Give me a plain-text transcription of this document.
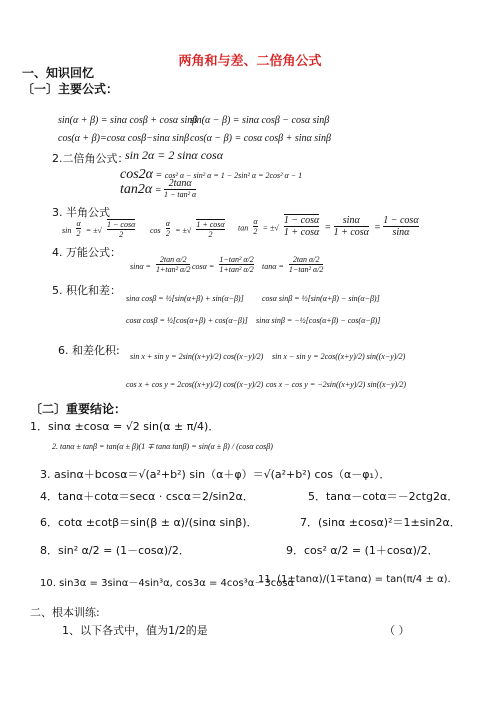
两角和与差、二倍角公式
一、知识回忆
〔一〕主要公式：
sin(α + β) = sinα cosβ + cosα sinβ
sin(α − β) = sinα cosβ − cosα sinβ
cos(α + β)=cosα cosβ−sinα sinβ cos(α − β) = cosα cosβ + sinα sinβ
2.二倍角公式：
sin 2α = 2 sinα cosα
cos2α = cos² α − sin² α = 1 − 2sin² α = 2cos² α − 1
tan2α =
2tanα
1 − tan² α
3. 半角公式
$\sin \frac{\alpha}{2}$ = ±√ $\frac{1 - \cos\alpha}{2}$ $\cos \frac{\alpha}{2}$ = ±√ $\frac{1 + \cos\alpha}{2}$ $\tan \frac{\alpha}{2}$ = ±√ $\frac{1 - \cos\alpha}{1 + \cos\alpha} = \frac{\sin\alpha}{1 + \cos\alpha} = \frac{1 - \cos\alpha}{\sin\alpha}$
4. 万能公式：
$\sin\alpha = \frac{\text{2tan α/2}}{\text{1+tan² α/2}}$ $\cos\alpha = \frac{\text{1−tan² α/2}}{\text{1+tan² α/2}}$ $\tan\alpha = \frac{\text{2tan α/2}}{\text{1−tan² α/2}}$
5. 积化和差：
sinα cosβ = ½[sin(α+β) + sin(α−β)] cosα sinβ = ½[sin(α+β) − sin(α−β)]
cosα cosβ = ½[cos(α+β) + cos(α−β)] sinα sinβ = −½[cos(α+β) − cos(α−β)]
6. 和差化积: sin x + sin y = 2sin((x+y)/2) cos((x−y)/2) sin x − sin y = 2cos((x+y)/2) sin((x−y)/2)
cos x + cos y = 2cos((x+y)/2) cos((x−y)/2) cos x − cos y = −2sin((x+y)/2) sin((x−y)/2)
〔二〕重要结论：
1．sinα ±cosα = √2 sin(α ± π/4)．
2. tanα ± tanβ = tan(α ± β)(1 ∓ tanα tanβ) = sin(α ± β) / (cosα cosβ)
3. asinα＋bcosα＝√(a²+b²) sin（α＋φ）＝√(a²+b²) cos（α－φ₁）．
4．tanα＋cotα＝secα · cscα＝2/sin2α．	5．tanα－cotα＝－2ctg2α．
6．cotα ±cotβ＝sin(β ± α)/(sinα sinβ)．	7．(sinα ±cosα)²＝1±sin2α．
8．sin² α/2 = (1－cosα)/2．	9．cos² α/2 = (1＋cosα)/2．
10. sin3α = 3sinα－4sin³α, cos3α = 4cos³α－3cosα
11. (1±tanα)/(1∓tanα) = tan(π/4 ± α).
二、根本训练:
1、以下各式中，值为1/2的是	（ ）
